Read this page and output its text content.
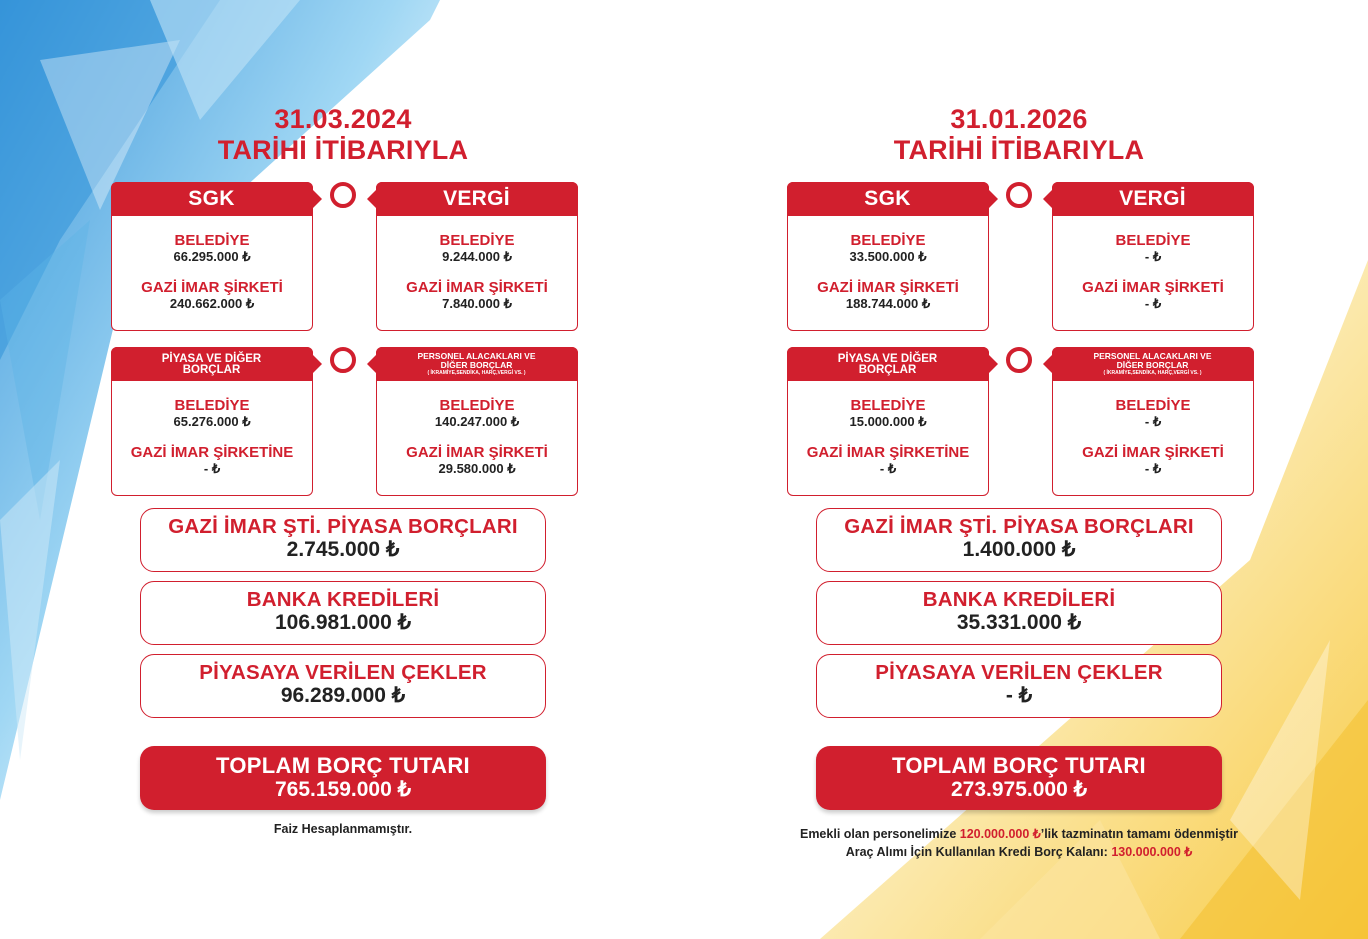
31.03.2024
TARİHİ İTİBARIYLA
SGK
BELEDİYE
66.295.000 ₺
GAZİ İMAR ŞİRKETİ
240.662.000 ₺
VERGİ
BELEDİYE
9.244.000 ₺
GAZİ İMAR ŞİRKETİ
7.840.000 ₺
PİYASA VE DİĞER
BORÇLAR
BELEDİYE
65.276.000 ₺
GAZİ İMAR ŞİRKETİNE
- ₺
PERSONEL ALACAKLARI VE
DİĞER BORÇLAR
( İKRAMİYE,SENDİKA, HARÇ,VERGİ VS. )
BELEDİYE
140.247.000 ₺
GAZİ İMAR ŞİRKETİ
29.580.000 ₺
GAZİ İMAR ŞTİ. PİYASA BORÇLARI
2.745.000 ₺
BANKA KREDİLERİ
106.981.000 ₺
PİYASAYA VERİLEN ÇEKLER
96.289.000 ₺
TOPLAM BORÇ TUTARI
765.159.000 ₺
Faiz Hesaplanmamıştır.
31.01.2026
TARİHİ İTİBARIYLA
SGK
BELEDİYE
33.500.000 ₺
GAZİ İMAR ŞİRKETİ
188.744.000 ₺
VERGİ
BELEDİYE
- ₺
GAZİ İMAR ŞİRKETİ
- ₺
PİYASA VE DİĞER
BORÇLAR
BELEDİYE
15.000.000 ₺
GAZİ İMAR ŞİRKETİNE
- ₺
PERSONEL ALACAKLARI VE
DİĞER BORÇLAR
( İKRAMİYE,SENDİKA, HARÇ,VERGİ VS. )
BELEDİYE
- ₺
GAZİ İMAR ŞİRKETİ
- ₺
GAZİ İMAR ŞTİ. PİYASA BORÇLARI
1.400.000 ₺
BANKA KREDİLERİ
35.331.000 ₺
PİYASAYA VERİLEN ÇEKLER
- ₺
TOPLAM BORÇ TUTARI
273.975.000 ₺
Emekli olan personelimize 120.000.000 ₺’lik tazminatın tamamı ödenmiştir
Araç Alımı İçin Kullanılan Kredi Borç Kalanı: 130.000.000 ₺
